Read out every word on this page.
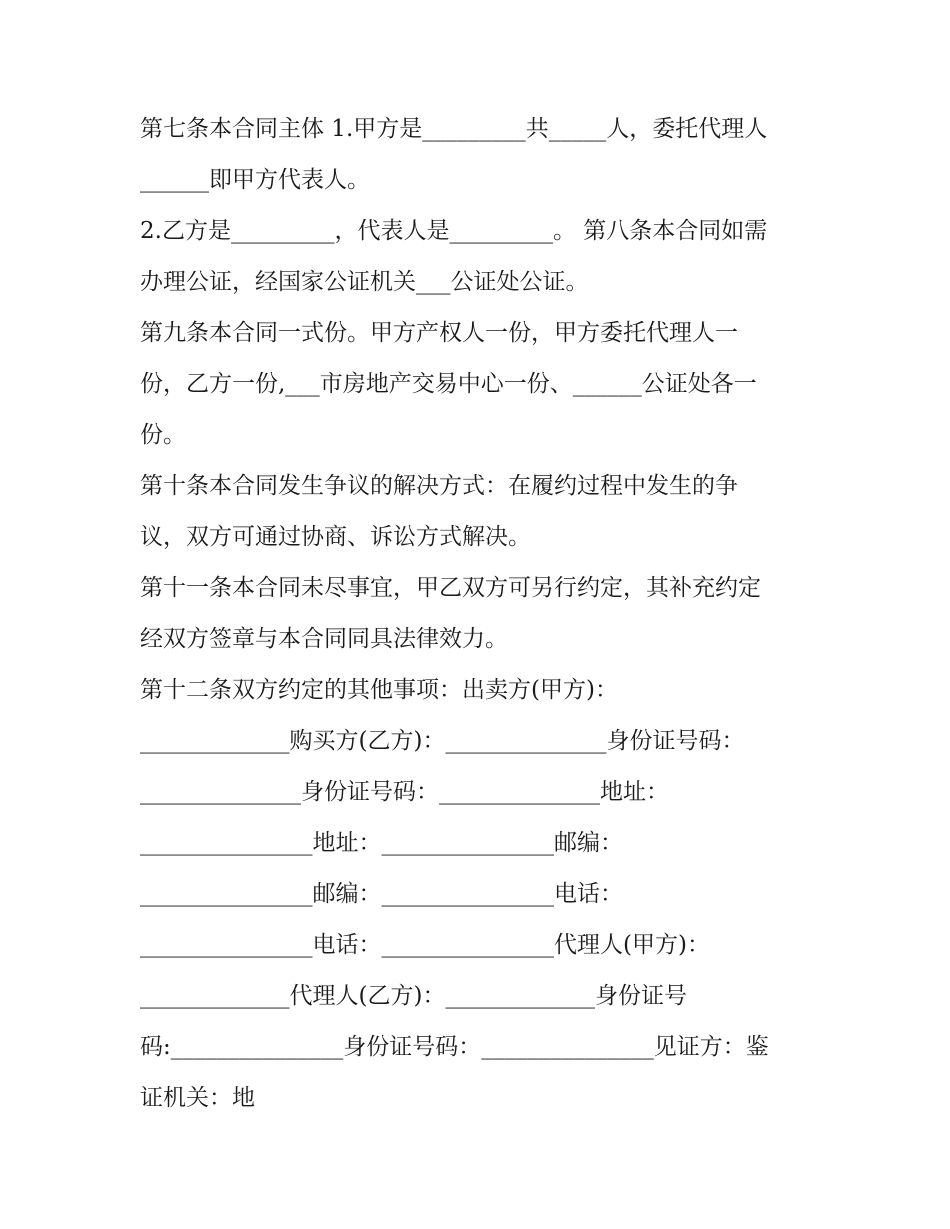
第七条本合同主体 1.甲方是_________共_____人，委托代理人
______即甲方代表人。
2.乙方是_________，代表人是_________。 第八条本合同如需
办理公证，经国家公证机关___公证处公证。
第九条本合同一式份。甲方产权人一份，甲方委托代理人一
份，乙方一份,___市房地产交易中心一份、______公证处各一
份。
第十条本合同发生争议的解决方式：在履约过程中发生的争
议，双方可通过协商、诉讼方式解决。
第十一条本合同未尽事宜，甲乙双方可另行约定，其补充约定
经双方签章与本合同同具法律效力。
第十二条双方约定的其他事项：出卖方(甲方)：
_____________购买方(乙方)：______________身份证号码：
______________身份证号码：______________地址：
_______________地址：_______________邮编：
_______________邮编：_______________电话：
_______________电话：_______________代理人(甲方)：
_____________代理人(乙方)：_____________身份证号
码:_______________身份证号码：_______________见证方：鉴
证机关：地
